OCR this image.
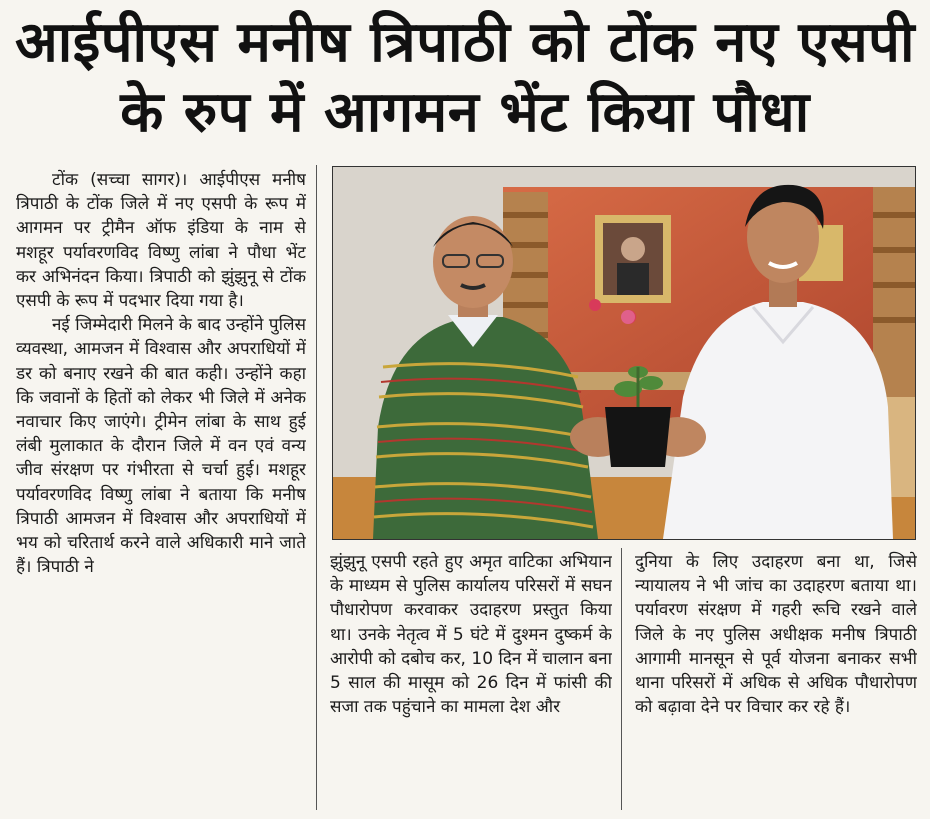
आईपीएस मनीष त्रिपाठी को टोंक नए एसपी
के रुप में आगमन भेंट किया पौधा

टोंक (सच्चा सागर)। आईपीएस मनीष त्रिपाठी के टोंक जिले में नए एसपी के रूप में आगमन पर ट्रीमैन ऑफ इंडिया के नाम से मशहूर पर्यावरणविद विष्णु लांबा ने पौधा भेंट कर अभिनंदन किया। त्रिपाठी को झुंझुनू से टोंक एसपी के रूप में पदभार दिया गया है।

नई जिम्मेदारी मिलने के बाद उन्होंने पुलिस व्यवस्था, आमजन में विश्वास और अपराधियों में डर को बनाए रखने की बात कही। उन्होंने कहा कि जवानों के हितों को लेकर भी जिले में अनेक नवाचार किए जाएंगे। ट्रीमेन लांबा के साथ हुई लंबी मुलाकात के दौरान जिले में वन एवं वन्य जीव संरक्षण पर गंभीरता से चर्चा हुई। मशहूर पर्यावरणविद विष्णु लांबा ने बताया कि मनीष त्रिपाठी आमजन में विश्वास और अपराधियों में भय को चरितार्थ करने वाले अधिकारी माने जाते हैं। त्रिपाठी ने	झुंझुनू एसपी रहते हुए अमृत वाटिका अभियान के माध्यम से पुलिस कार्यालय परिसरों में सघन पौधारोपण करवाकर उदाहरण प्रस्तुत किया था। उनके नेतृत्व में 5 घंटे में दुश्मन दुष्कर्म के आरोपी को दबोच कर, 10 दिन में चालान बना 5 साल की मासूम को 26 दिन में फांसी की सजा तक पहुंचाने का मामला देश और

दुनिया के लिए उदाहरण बना था, जिसे न्यायालय ने भी जांच का उदाहरण बताया था। पर्यावरण संरक्षण में गहरी रूचि रखने वाले जिले के नए पुलिस अधीक्षक मनीष त्रिपाठी आगामी मानसून से पूर्व योजना बनाकर सभी थाना परिसरों में अधिक से अधिक पौधारोपण को बढ़ावा देने पर विचार कर रहे हैं।
